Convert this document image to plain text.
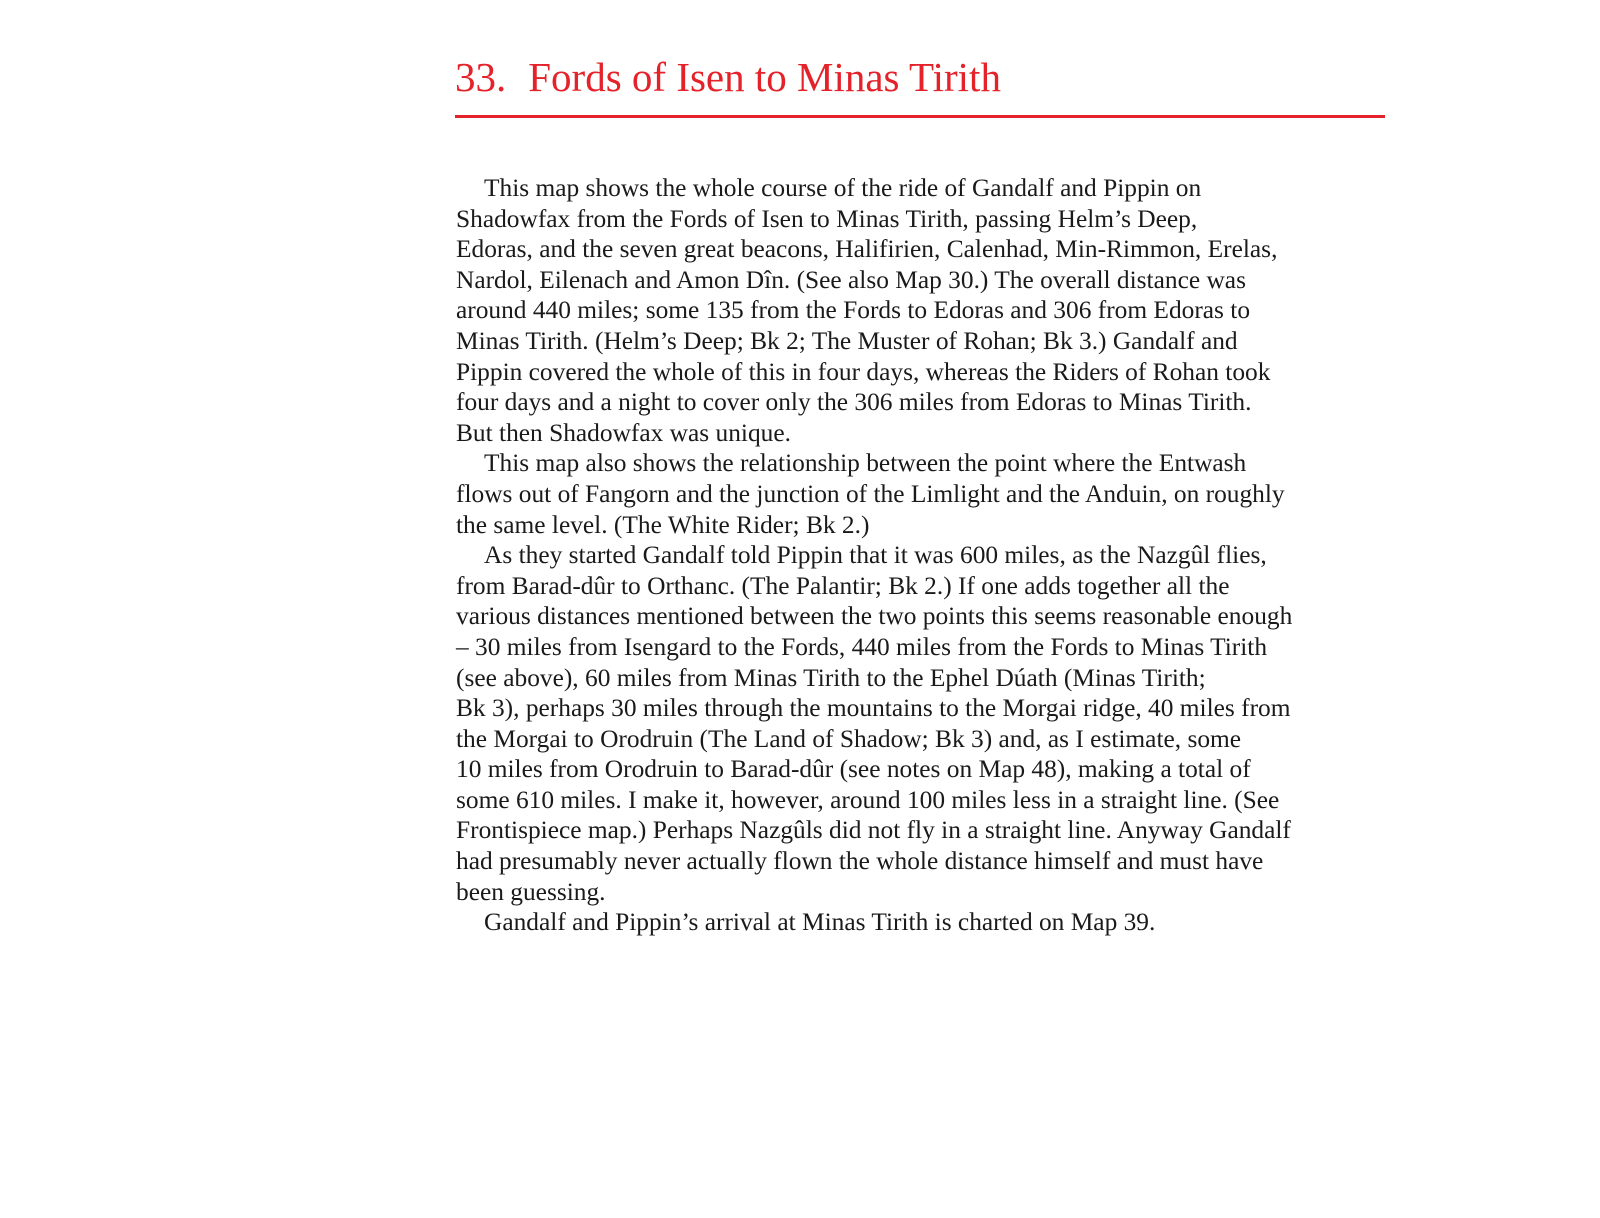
33. Fords of Isen to Minas Tirith
This map shows the whole course of the ride of Gandalf and Pippin on
Shadowfax from the Fords of Isen to Minas Tirith, passing Helm’s Deep,
Edoras, and the seven great beacons, Halifirien, Calenhad, Min-Rimmon, Erelas,
Nardol, Eilenach and Amon Dîn. (See also Map 30.) The overall distance was
around 440 miles; some 135 from the Fords to Edoras and 306 from Edoras to
Minas Tirith. (Helm’s Deep; Bk 2; The Muster of Rohan; Bk 3.) Gandalf and
Pippin covered the whole of this in four days, whereas the Riders of Rohan took
four days and a night to cover only the 306 miles from Edoras to Minas Tirith.
But then Shadowfax was unique.
This map also shows the relationship between the point where the Entwash
flows out of Fangorn and the junction of the Limlight and the Anduin, on roughly
the same level. (The White Rider; Bk 2.)
As they started Gandalf told Pippin that it was 600 miles, as the Nazgûl flies,
from Barad-dûr to Orthanc. (The Palantir; Bk 2.) If one adds together all the
various distances mentioned between the two points this seems reasonable enough
– 30 miles from Isengard to the Fords, 440 miles from the Fords to Minas Tirith
(see above), 60 miles from Minas Tirith to the Ephel Dúath (Minas Tirith;
Bk 3), perhaps 30 miles through the mountains to the Morgai ridge, 40 miles from
the Morgai to Orodruin (The Land of Shadow; Bk 3) and, as I estimate, some
10 miles from Orodruin to Barad-dûr (see notes on Map 48), making a total of
some 610 miles. I make it, however, around 100 miles less in a straight line. (See
Frontispiece map.) Perhaps Nazgûls did not fly in a straight line. Anyway Gandalf
had presumably never actually flown the whole distance himself and must have
been guessing.
Gandalf and Pippin’s arrival at Minas Tirith is charted on Map 39.
